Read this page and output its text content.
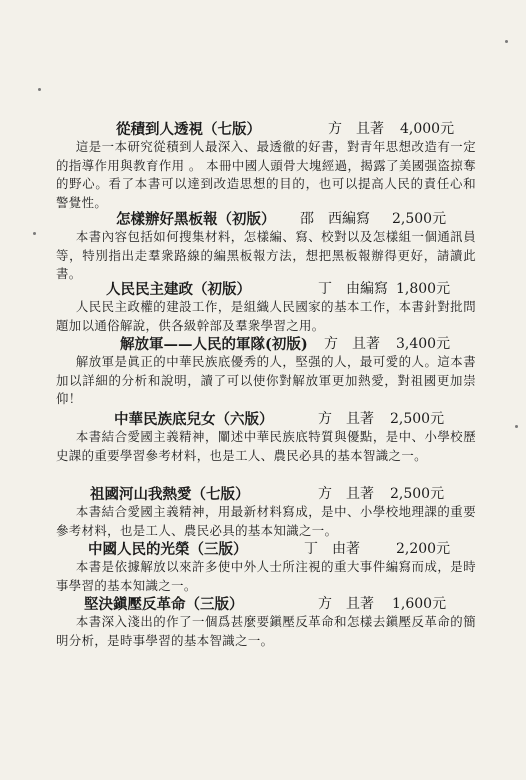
從積到人透視（七版）	方　且著 4,000元
這是一本研究從積到人最深入、最透徹的好書，對青年思想改造有一定的指導作用與教育作用 。 本冊中國人頭骨大塊經過，揭露了美國强盗掠奪的野心。看了本書可以達到改造思想的目的，也可以提高人民的責任心和警覺性。
怎樣辦好黑板報（初版） 邵　西編寫 2,500元
本書內容包括如何搜集材料，怎樣編、寫、校對以及怎樣組一個通訊員等，特別指出走羣衆路線的編黑板報方法，想把黑板報辦得更好，請讀此書。
人民民主建政（初版）	丁　由編寫 1,800元
人民民主政權的建設工作，是組織人民國家的基本工作，本書針對批問題加以通俗解說，供各級幹部及羣衆學習之用。
解放軍——人民的軍隊(初版) 方　且著 3,400元
解放軍是眞正的中華民族底優秀的人，堅强的人，最可愛的人。這本書加以詳細的分析和說明，讀了可以使你對解放軍更加熱愛，對祖國更加崇仰！
中華民族底兒女（六版）	方　且著 2,500元
本書結合愛國主義精神，闡述中華民族底特質與優點，是中、小學校歷史課的重要學習參考材料，也是工人、農民必具的基本智識之一。
祖國河山我熱愛（七版）	方　且著 2,500元
本書結合愛國主義精神，用最新材料寫成，是中、小學校地理課的重要參考材料，也是工人、農民必具的基本知識之一。
中國人民的光榮（三版）	丁　由著	2,200元
本書是依據解放以來許多使中外人士所注視的重大事件編寫而成，是時事學習的基本知識之一。
堅決鎭壓反革命（三版）	方　且著 1,600元
本書深入淺出的作了一個爲甚麼要鎭壓反革命和怎樣去鎭壓反革命的簡明分析，是時事學習的基本智識之一。
